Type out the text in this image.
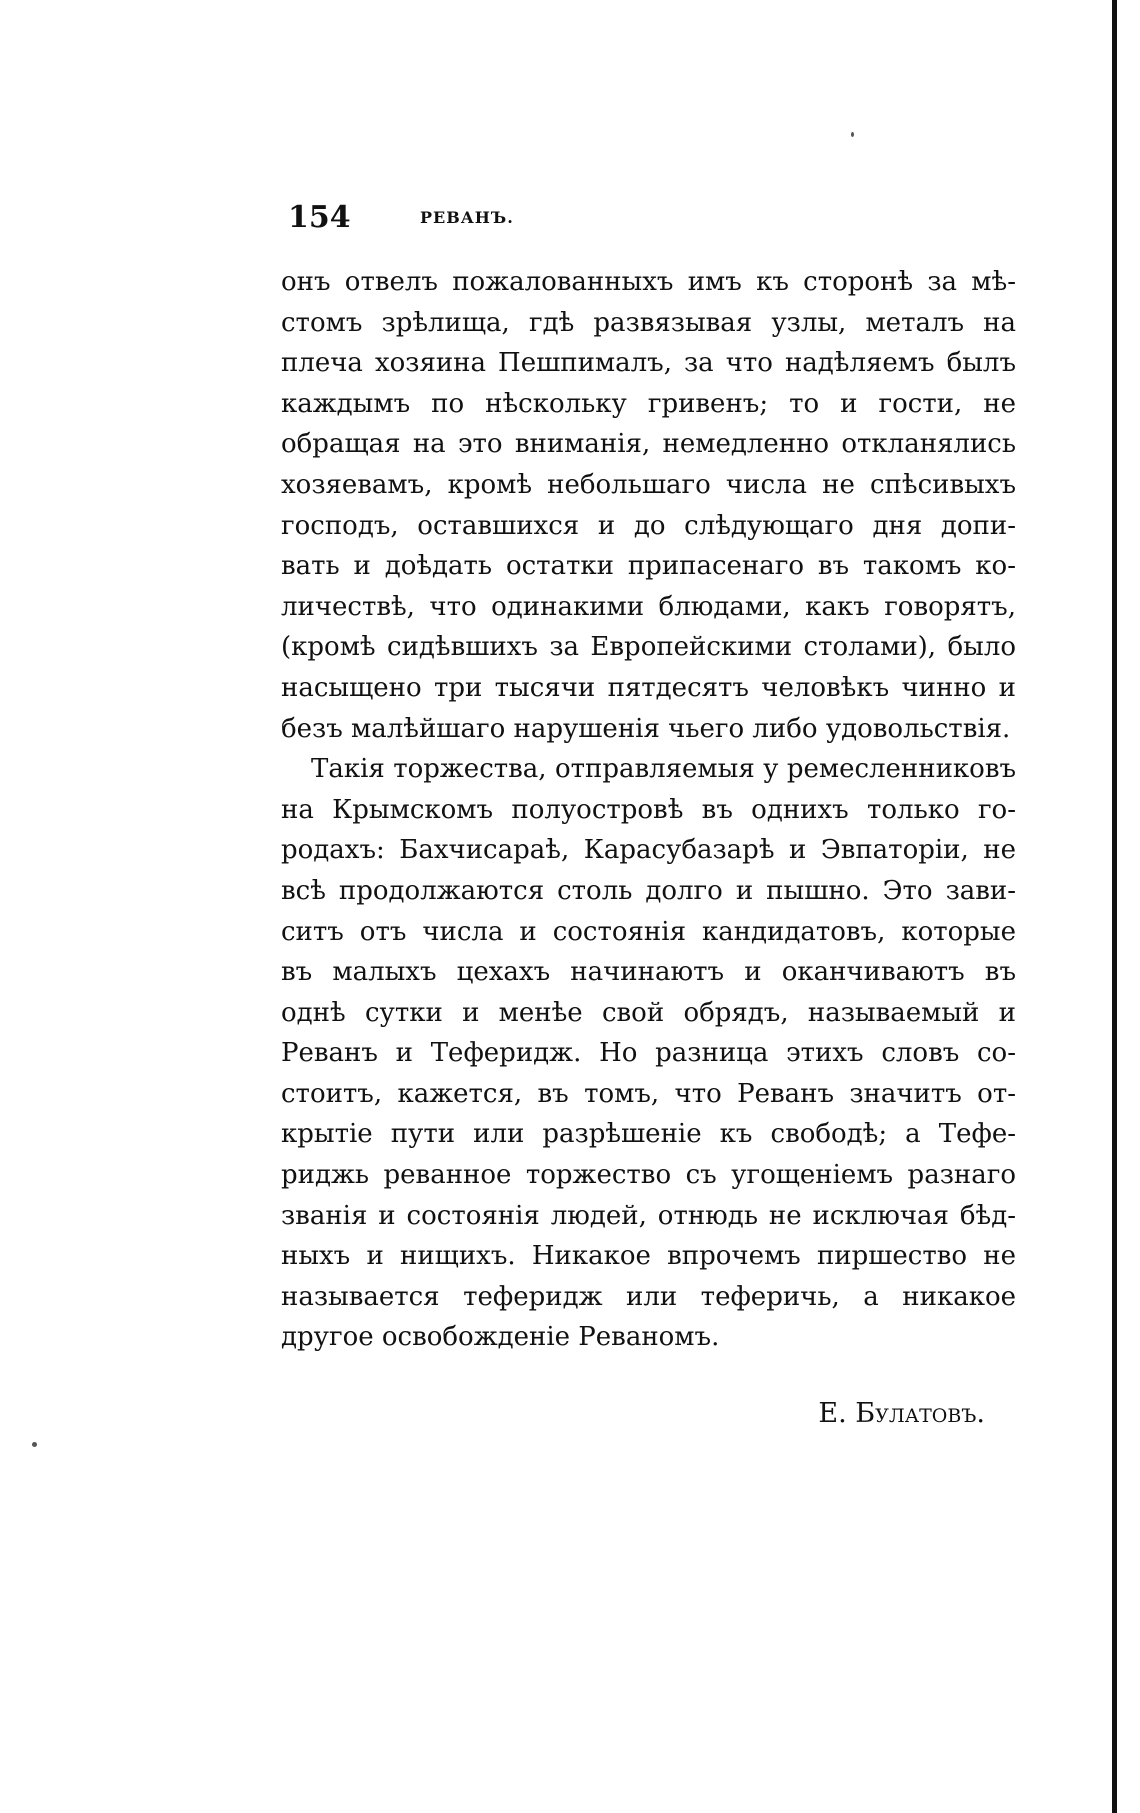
154	РЕВАНЪ.
онъ отвелъ пожалованныхъ имъ къ сторонѣ за мѣ-
стомъ зрѣлища, гдѣ развязывая узлы, металъ на
плеча хозяина Пешпималъ, за что надѣляемъ былъ
каждымъ по нѣскольку гривенъ; то и гости, не
обращая на это вниманія, немедленно откланялись
хозяевамъ, кромѣ небольшаго числа не спѣсивыхъ
господъ, оставшихся и до слѣдующаго дня допи-
вать и доѣдать остатки припасенаго въ такомъ ко-
личествѣ, что одинакими блюдами, какъ говорятъ,
(кромѣ сидѣвшихъ за Европейскими столами), было
насыщено три тысячи пятдесятъ человѣкъ чинно и
безъ малѣйшаго нарушенія чьего либо удовольствія.
Такія торжества, отправляемыя у ремесленниковъ
на Крымскомъ полуостровѣ въ однихъ только го-
родахъ: Бахчисараѣ, Карасубазарѣ и Эвпаторіи, не
всѣ продолжаются столь долго и пышно. Это зави-
ситъ отъ числа и состоянія кандидатовъ, которые
въ малыхъ цехахъ начинаютъ и оканчиваютъ въ
однѣ сутки и менѣе свой обрядъ, называемый и
Реванъ и Теферидж. Но разница этихъ словъ со-
стоитъ, кажется, въ томъ, что Реванъ значитъ от-
крытіе пути или разрѣшеніе къ свободѣ; а Тефе-
риджь реванное торжество съ угощеніемъ разнаго
званія и состоянія людей, отнюдь не исключая бѣд-
ныхъ и нищихъ. Никакое впрочемъ пиршество не
называется теферидж или теферичь, а никакое
другое освобожденіе Реваномъ.
Е. Булатовъ.
